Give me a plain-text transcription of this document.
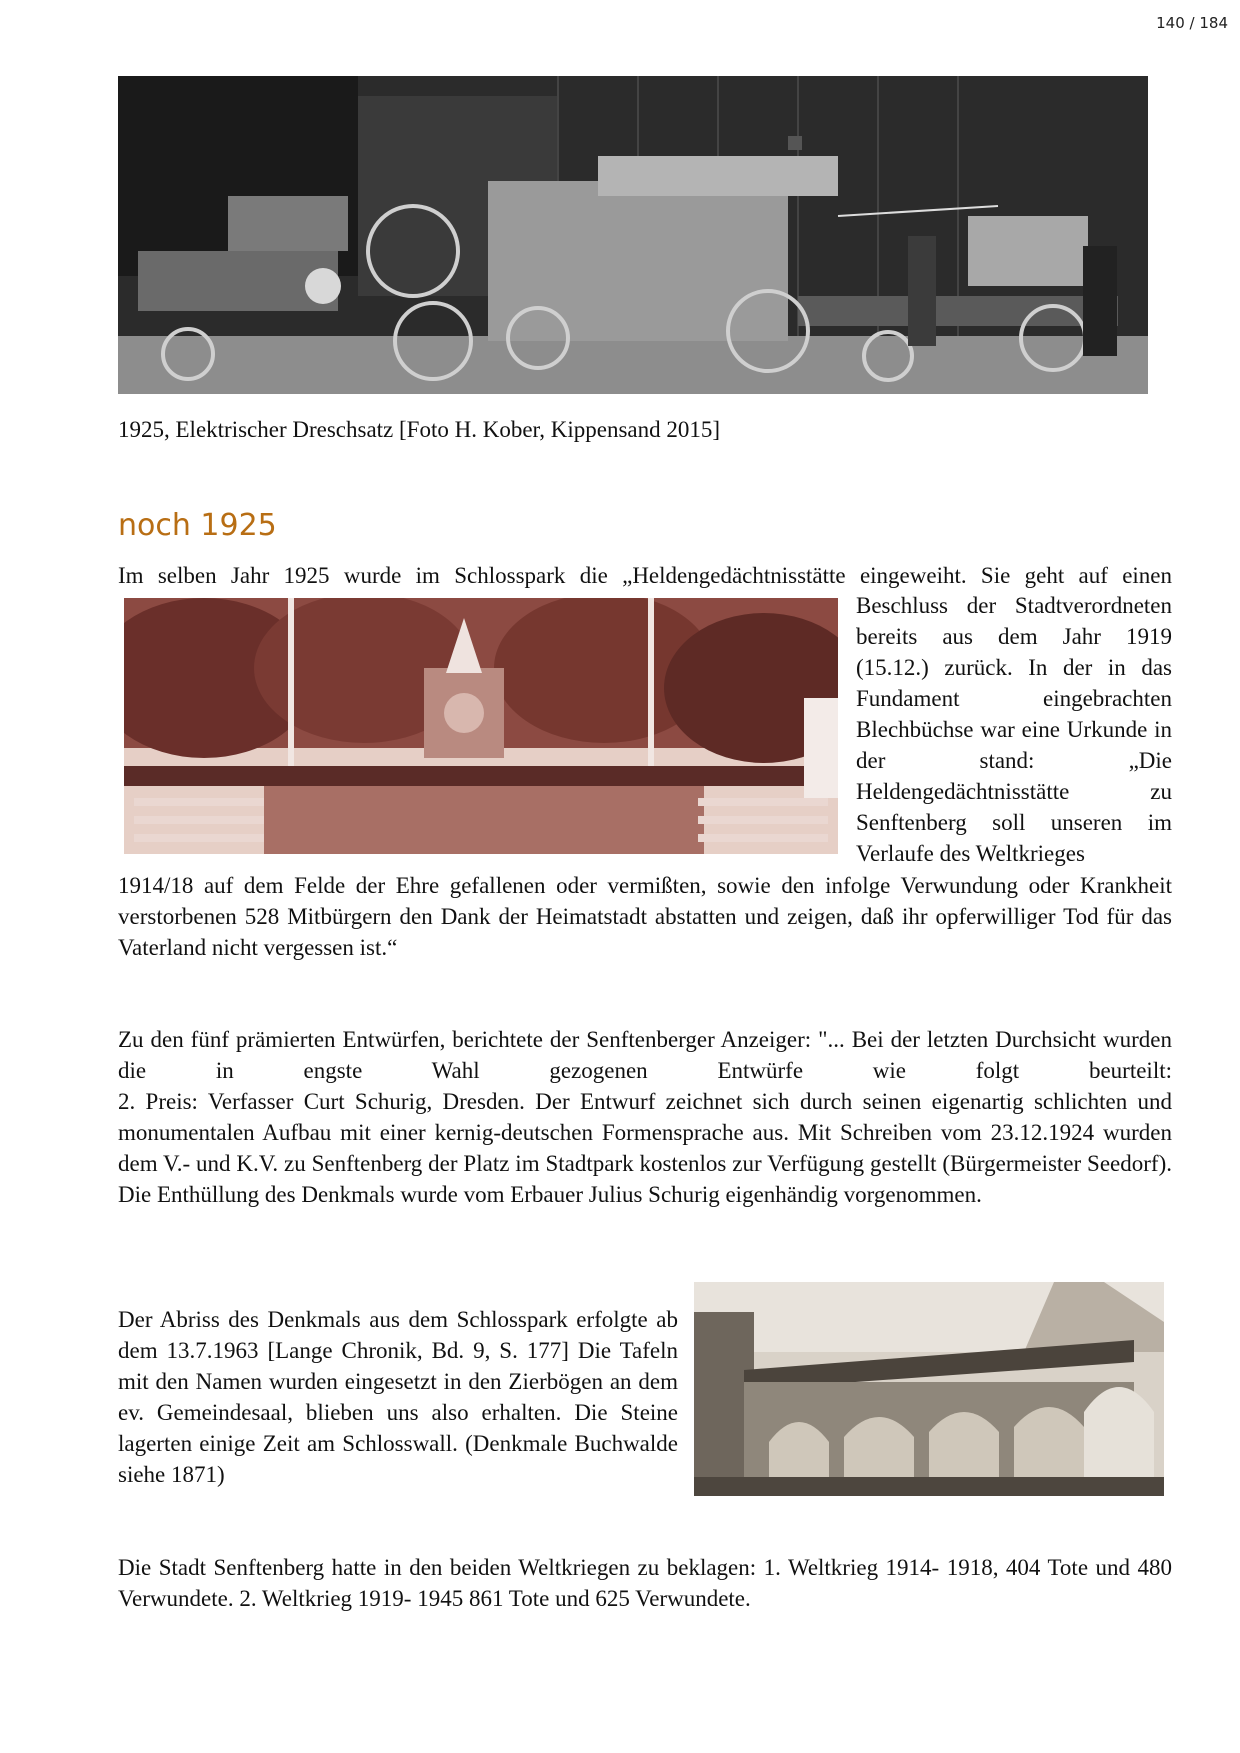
140 / 184
1925, Elektrischer Dreschsatz [Foto H. Kober, Kippensand 2015]
noch 1925
Im selben Jahr 1925 wurde im Schlosspark die „Heldengedächtnisstätte eingeweiht. Sie geht auf einen
Beschluss der Stadtverordneten bereits aus dem Jahr 1919 (15.12.) zurück. In der in das Fundament eingebrachten Blechbüchse war eine Urkunde in der stand: „Die Heldengedächtnisstätte zu Senftenberg soll unseren im Verlaufe des Weltkrieges
1914/18 auf dem Felde der Ehre gefallenen oder vermißten, sowie den infolge Verwundung oder Krankheit verstorbenen 528 Mitbürgern den Dank der Heimatstadt abstatten und zeigen, daß ihr opferwilliger Tod für das Vaterland nicht vergessen ist.“
Zu den fünf prämierten Entwürfen, berichtete der Senftenberger Anzeiger: "... Bei der letzten Durchsicht wurden die in engste Wahl gezogenen Entwürfe wie folgt beurteilt:
2. Preis: Verfasser Curt Schurig, Dresden. Der Entwurf zeichnet sich durch seinen eigenartig schlichten und monumentalen Aufbau mit einer kernig-deutschen Formensprache aus. Mit Schreiben vom 23.12.1924 wurden dem V.- und K.V. zu Senftenberg der Platz im Stadtpark kostenlos zur Verfügung gestellt (Bürgermeister Seedorf). Die Enthüllung des Denkmals wurde vom Erbauer Julius Schurig eigenhändig vorgenommen.
Der Abriss des Denkmals aus dem Schlosspark erfolgte ab dem 13.7.1963 [Lange Chronik, Bd. 9, S. 177] Die Tafeln mit den Namen wurden eingesetzt in den Zierbögen an dem ev. Gemeindesaal, blieben uns also erhalten. Die Steine lagerten einige Zeit am Schlosswall. (Denkmale Buchwalde siehe 1871)
Die Stadt Senftenberg hatte in den beiden Weltkriegen zu beklagen: 1. Weltkrieg 1914- 1918, 404 Tote und 480 Verwundete. 2. Weltkrieg 1919- 1945 861 Tote und 625 Verwundete.
